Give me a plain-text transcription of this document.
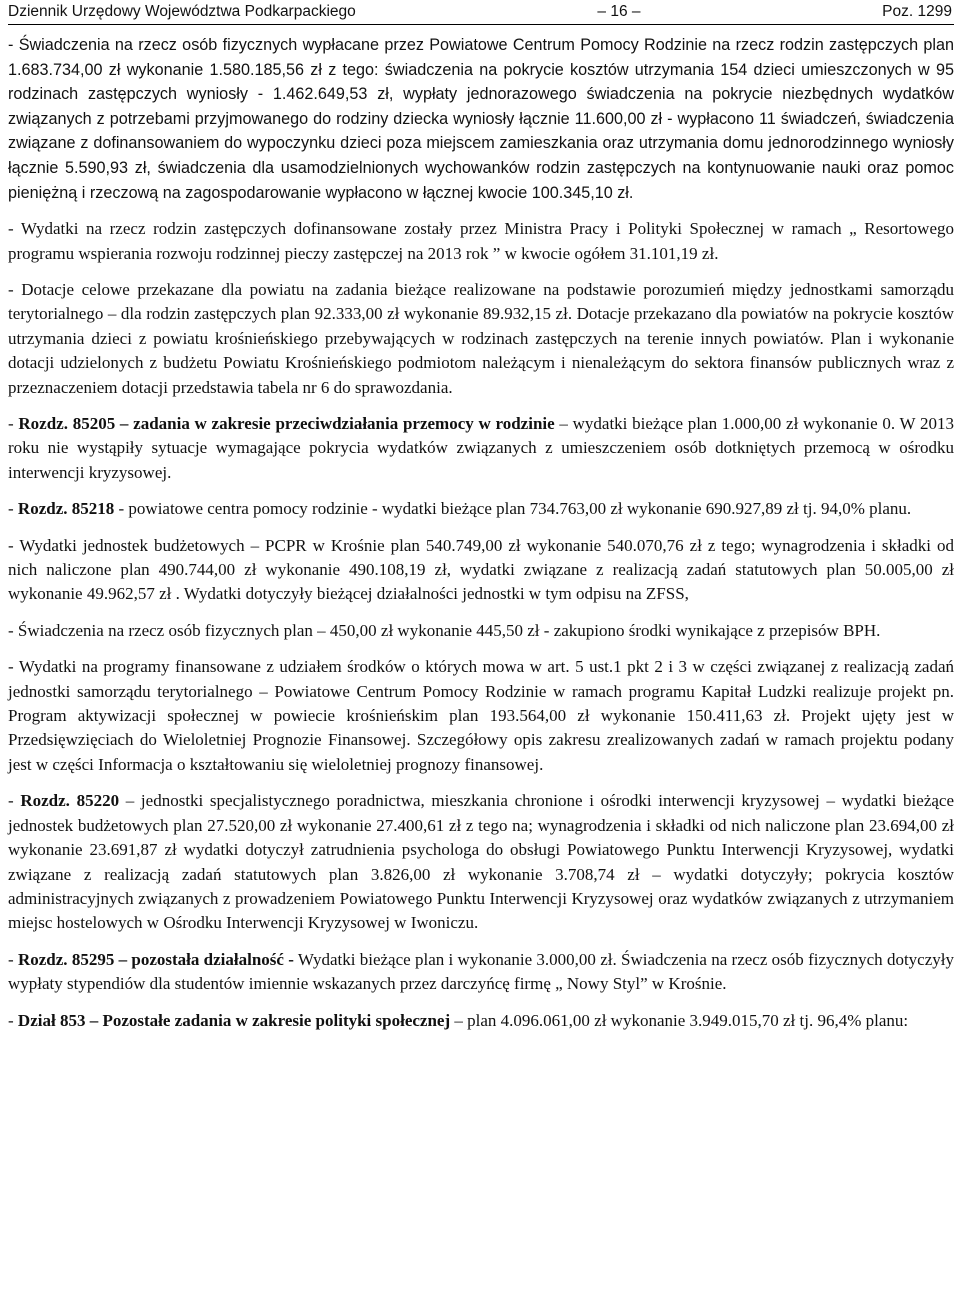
Dziennik Urzędowy Województwa Podkarpackiego	– 16 –	Poz. 1299

- Świadczenia na rzecz osób fizycznych wypłacane przez Powiatowe Centrum Pomocy Rodzinie na rzecz rodzin zastępczych plan 1.683.734,00 zł wykonanie 1.580.185,56 zł z tego: świadczenia na pokrycie kosztów utrzymania 154 dzieci umieszczonych w 95 rodzinach zastępczych wyniosły - 1.462.649,53 zł, wypłaty jednorazowego świadczenia na pokrycie niezbędnych wydatków związanych z potrzebami przyjmowanego do rodziny dziecka wyniosły łącznie 11.600,00 zł - wypłacono 11 świadczeń, świadczenia związane z dofinansowaniem do wypoczynku dzieci poza miejscem zamieszkania oraz utrzymania domu jednorodzinnego wyniosły łącznie 5.590,93 zł, świadczenia dla usamodzielnionych wychowanków rodzin zastępczych na kontynuowanie nauki oraz pomoc pieniężną i rzeczową na zagospodarowanie wypłacono w łącznej kwocie 100.345,10 zł.

- Wydatki na rzecz rodzin zastępczych dofinansowane zostały przez Ministra Pracy i Polityki Społecznej w ramach „ Resortowego programu wspierania rozwoju rodzinnej pieczy zastępczej na 2013 rok ” w kwocie ogółem 31.101,19 zł.

- Dotacje celowe przekazane dla powiatu na zadania bieżące realizowane na podstawie porozumień między jednostkami samorządu terytorialnego – dla rodzin zastępczych plan 92.333,00 zł wykonanie 89.932,15 zł. Dotacje przekazano dla powiatów na pokrycie kosztów utrzymania dzieci z powiatu krośnieńskiego przebywających w rodzinach zastępczych na terenie innych powiatów. Plan i wykonanie dotacji udzielonych z budżetu Powiatu Krośnieńskiego podmiotom należącym i nienależącym do sektora finansów publicznych wraz z przeznaczeniem dotacji przedstawia tabela nr 6 do sprawozdania.

- Rozdz. 85205 – zadania w zakresie przeciwdziałania przemocy w rodzinie – wydatki bieżące plan 1.000,00 zł wykonanie 0. W 2013 roku nie wystąpiły sytuacje wymagające pokrycia wydatków związanych z umieszczeniem osób dotkniętych przemocą w ośrodku interwencji kryzysowej.

- Rozdz. 85218 - powiatowe centra pomocy rodzinie - wydatki bieżące plan 734.763,00 zł wykonanie 690.927,89 zł tj. 94,0% planu.

- Wydatki jednostek budżetowych – PCPR w Krośnie plan 540.749,00 zł wykonanie 540.070,76 zł z tego; wynagrodzenia i składki od nich naliczone plan 490.744,00 zł wykonanie 490.108,19 zł, wydatki związane z realizacją zadań statutowych plan 50.005,00 zł wykonanie 49.962,57 zł . Wydatki dotyczyły bieżącej działalności jednostki w tym odpisu na ZFSS,

- Świadczenia na rzecz osób fizycznych plan – 450,00 zł wykonanie 445,50 zł - zakupiono środki wynikające z przepisów BPH.

- Wydatki na programy finansowane z udziałem środków o których mowa w art. 5 ust.1 pkt 2 i 3 w części związanej z realizacją zadań jednostki samorządu terytorialnego – Powiatowe Centrum Pomocy Rodzinie w ramach programu Kapitał Ludzki realizuje projekt pn. Program aktywizacji społecznej w powiecie krośnieńskim plan 193.564,00 zł wykonanie 150.411,63 zł. Projekt ujęty jest w Przedsięwzięciach do Wieloletniej Prognozie Finansowej. Szczegółowy opis zakresu zrealizowanych zadań w ramach projektu podany jest w części Informacja o kształtowaniu się wieloletniej prognozy finansowej.

- Rozdz. 85220 – jednostki specjalistycznego poradnictwa, mieszkania chronione i ośrodki interwencji kryzysowej – wydatki bieżące jednostek budżetowych plan 27.520,00 zł wykonanie 27.400,61 zł z tego na; wynagrodzenia i składki od nich naliczone plan 23.694,00 zł wykonanie 23.691,87 zł wydatki dotyczył zatrudnienia psychologa do obsługi Powiatowego Punktu Interwencji Kryzysowej, wydatki związane z realizacją zadań statutowych plan 3.826,00 zł wykonanie 3.708,74 zł – wydatki dotyczyły; pokrycia kosztów administracyjnych związanych z prowadzeniem Powiatowego Punktu Interwencji Kryzysowej oraz wydatków związanych z utrzymaniem miejsc hostelowych w Ośrodku Interwencji Kryzysowej w Iwoniczu.

- Rozdz. 85295 – pozostała działalność - Wydatki bieżące plan i wykonanie 3.000,00 zł. Świadczenia na rzecz osób fizycznych dotyczyły wypłaty stypendiów dla studentów imiennie wskazanych przez darczyńcę firmę „ Nowy Styl” w Krośnie.

- Dział 853 – Pozostałe zadania w zakresie polityki społecznej – plan 4.096.061,00 zł wykonanie 3.949.015,70 zł tj. 96,4% planu:
